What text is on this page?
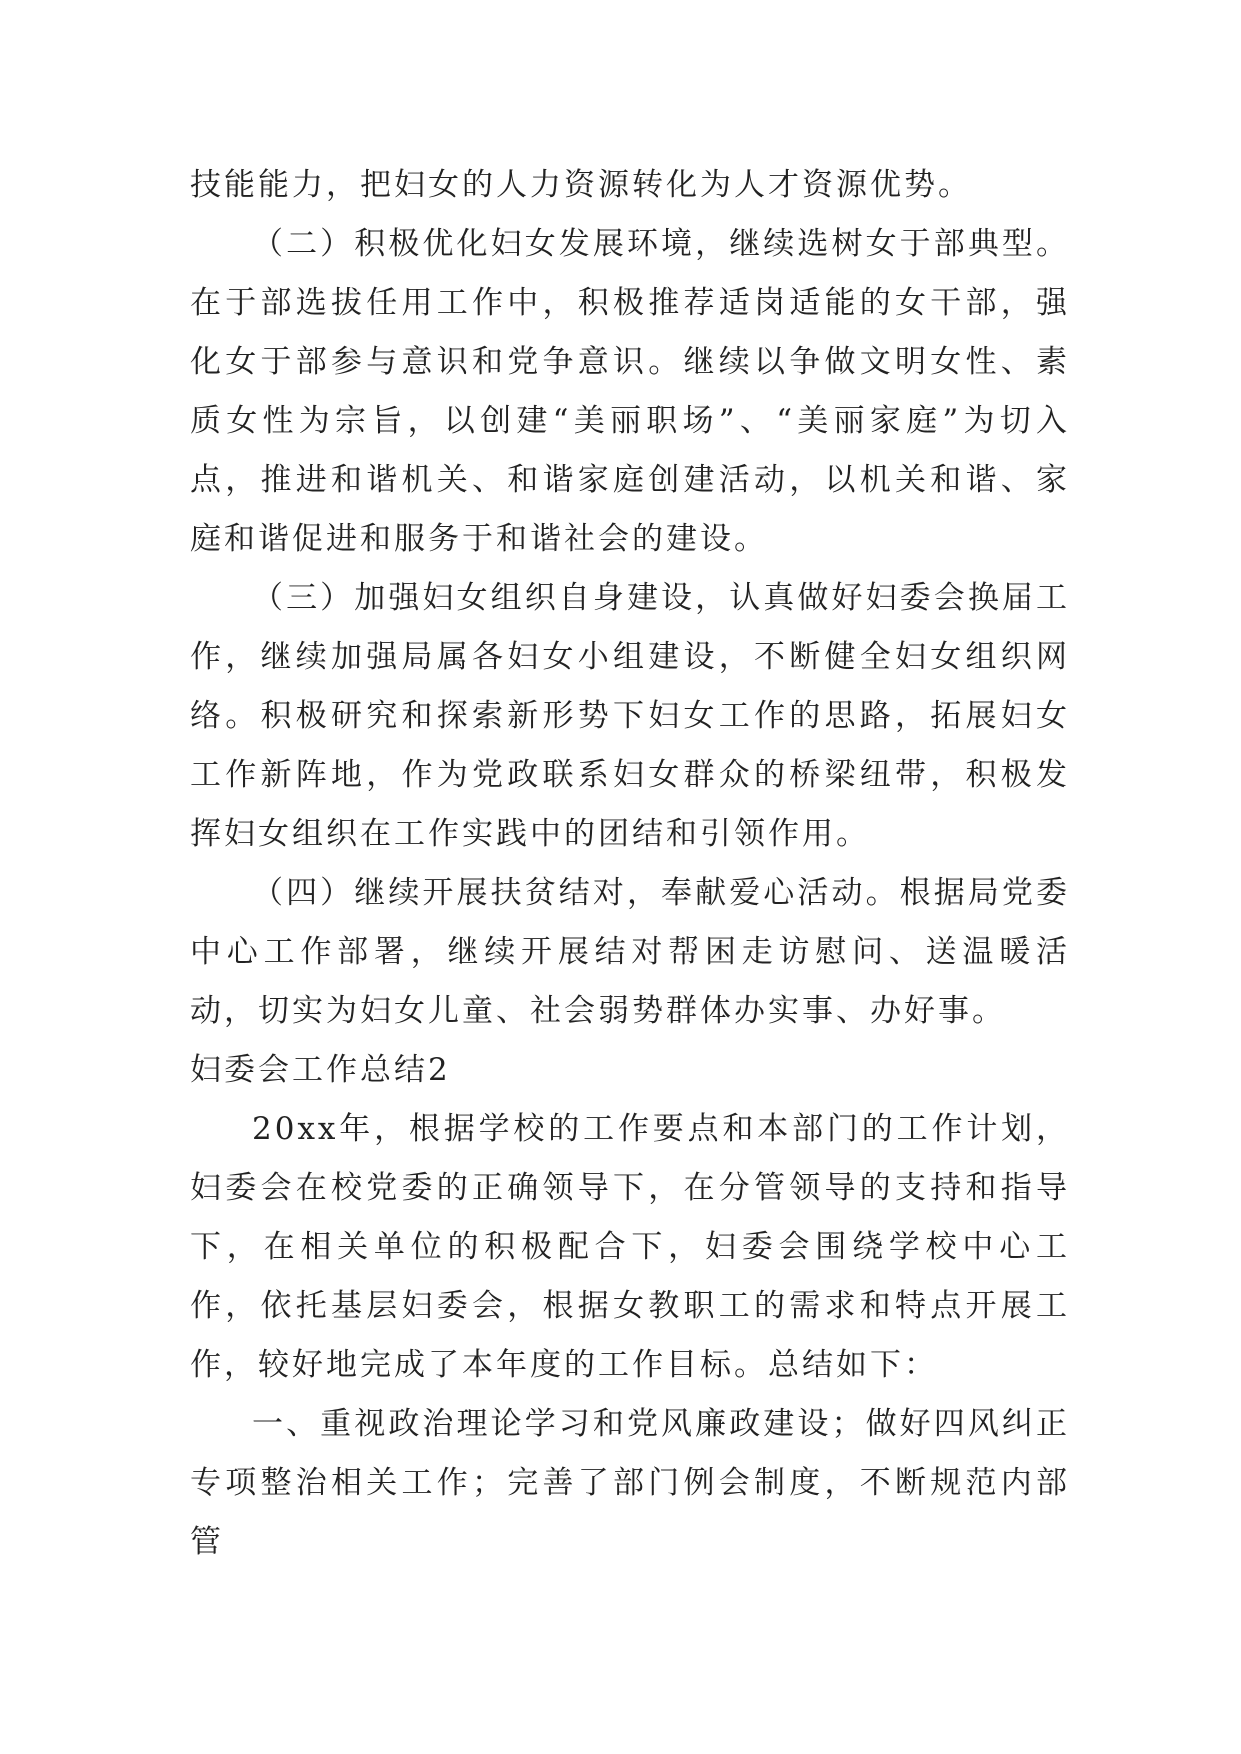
技能能力，把妇女的人力资源转化为人才资源优势。

（二）积极优化妇女发展环境，继续选树女于部典型。在于部选拔任用工作中，积极推荐适岗适能的女干部，强化女于部参与意识和党争意识。继续以争做文明女性、素质女性为宗旨，以创建“美丽职场”、“美丽家庭”为切入点，推进和谐机关、和谐家庭创建活动，以机关和谐、家庭和谐促进和服务于和谐社会的建设。

（三）加强妇女组织自身建设，认真做好妇委会换届工作，继续加强局属各妇女小组建设，不断健全妇女组织网络。积极研究和探索新形势下妇女工作的思路，拓展妇女工作新阵地，作为党政联系妇女群众的桥梁纽带，积极发挥妇女组织在工作实践中的团结和引领作用。

（四）继续开展扶贫结对，奉献爱心活动。根据局党委中心工作部署，继续开展结对帮困走访慰问、送温暖活动，切实为妇女儿童、社会弱势群体办实事、办好事。

妇委会工作总结2

20xx年，根据学校的工作要点和本部门的工作计划，妇委会在校党委的正确领导下，在分管领导的支持和指导下，在相关单位的积极配合下，妇委会围绕学校中心工作，依托基层妇委会，根据女教职工的需求和特点开展工作，较好地完成了本年度的工作目标。总结如下：

一、重视政治理论学习和党风廉政建设；做好四风纠正专项整治相关工作；完善了部门例会制度，不断规范内部管
